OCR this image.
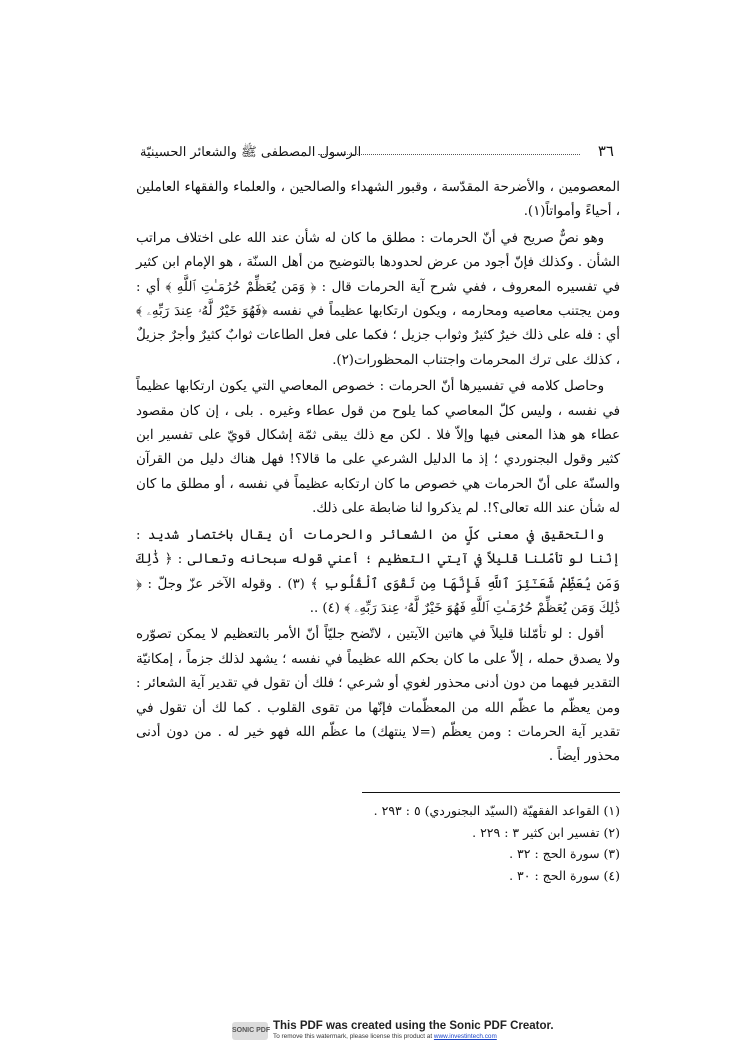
٣٦
الرسول المصطفى ﷺ والشعائر الحسينيّة

المعصومين ، والأضرحة المقدّسة ، وقبور الشهداء والصالحين ، والعلماء والفقهاء العاملين ، أحياءً وأمواتاً(١).

وهو نصٌّ صريح في أنّ الحرمات : مطلق ما كان له شأن عند الله على اختلاف مراتب الشأن . وكذلك فإنّ أجود من عرض لحدودها بالتوضيح من أهل السنّة ، هو الإمام ابن كثير في تفسيره المعروف ، ففي شرح آية الحرمات قال : ﴿ وَمَن يُعَظِّمْ حُرُمَـٰتِ ٱللَّهِ ﴾ أي : ومن يجتنب معاصيه ومحارمه ، ويكون ارتكابها عظيماً في نفسه ﴿فَهُوَ خَيْرٌ لَّهُۥ عِندَ رَبِّهِۦ ﴾ أي : فله على ذلك خيرٌ كثيرٌ وثواب جزيل ؛ فكما على فعل الطاعات ثوابٌ كثيرٌ وأجرٌ جزيلٌ ، كذلك على ترك المحرمات واجتناب المحظورات(٢).

وحاصل كلامه في تفسيرها أنّ الحرمات : خصوص المعاصي التي يكون ارتكابها عظيماً في نفسه ، وليس كلّ المعاصي كما يلوح من قول عطاء وغيره . بلى ، إن كان مقصود عطاء هو هذا المعنى فيها وإلاّ فلا . لكن مع ذلك يبقى ثمّة إشكال قويّ على تفسير ابن كثير وقول البجنوردي ؛ إذ ما الدليل الشرعي على ما قالا؟! فهل هناك دليل من القرآن والسنّة على أنّ الحرمات هي خصوص ما كان ارتكابه عظيماً في نفسه ، أو مطلق ما كان له شأن عند الله تعالى؟!. لم يذكروا لنا ضابطة على ذلك.

والتحقيق في معنى كلٍّ من الشعائر والحرمات أن يقال باختصار شديد : إنّنا لو تأمّلنا قليلاً في آيتي التعظيم ؛ أعني قوله سبحانه وتعالى : ﴿ ذَٰلِكَ وَمَن يُعَظِّمْ شَعَـٰٓئِرَ ٱللَّهِ فَإِنَّهَا مِن تَقْوَى ٱلْقُلُوبِ ﴾ (٣) . وقوله الآخر عزّ وجلّ : ﴿ ذَٰلِكَ وَمَن يُعَظِّمْ حُرُمَـٰتِ ٱللَّهِ فَهُوَ خَيْرٌ لَّهُۥ عِندَ رَبِّهِۦ ﴾ (٤) ..

أقول : لو تأمّلنا قليلاً في هاتين الآيتين ، لاتّضح جليّاً أنّ الأمر بالتعظيم لا يمكن تصوّره ولا يصدق حمله ، إلاّ على ما كان بحكم الله عظيماً في نفسه ؛ يشهد لذلك جزماً ، إمكانيّة التقدير فيهما من دون أدنى محذور لغوي أو شرعي ؛ فلك أن تقول في تقدير آية الشعائر : ومن يعظّم ما عظّم الله من المعظّمات فإنّها من تقوى القلوب . كما لك أن تقول في تقدير آية الحرمات : ومن يعظّم (=لا ينتهك) ما عظّم الله فهو خير له . من دون أدنى محذور أيضاً .

(١) القواعد الفقهيّة (السيّد البجنوردي) ٥ : ٢٩٣ .
(٢) تفسير ابن كثير ٣ : ٢٢٩ .
(٣) سورة الحج : ٣٢ .
(٤) سورة الحج : ٣٠ .
SONIC PDF This PDF was created using the Sonic PDF Creator.
To remove this watermark, please license this product at www.investintech.com
